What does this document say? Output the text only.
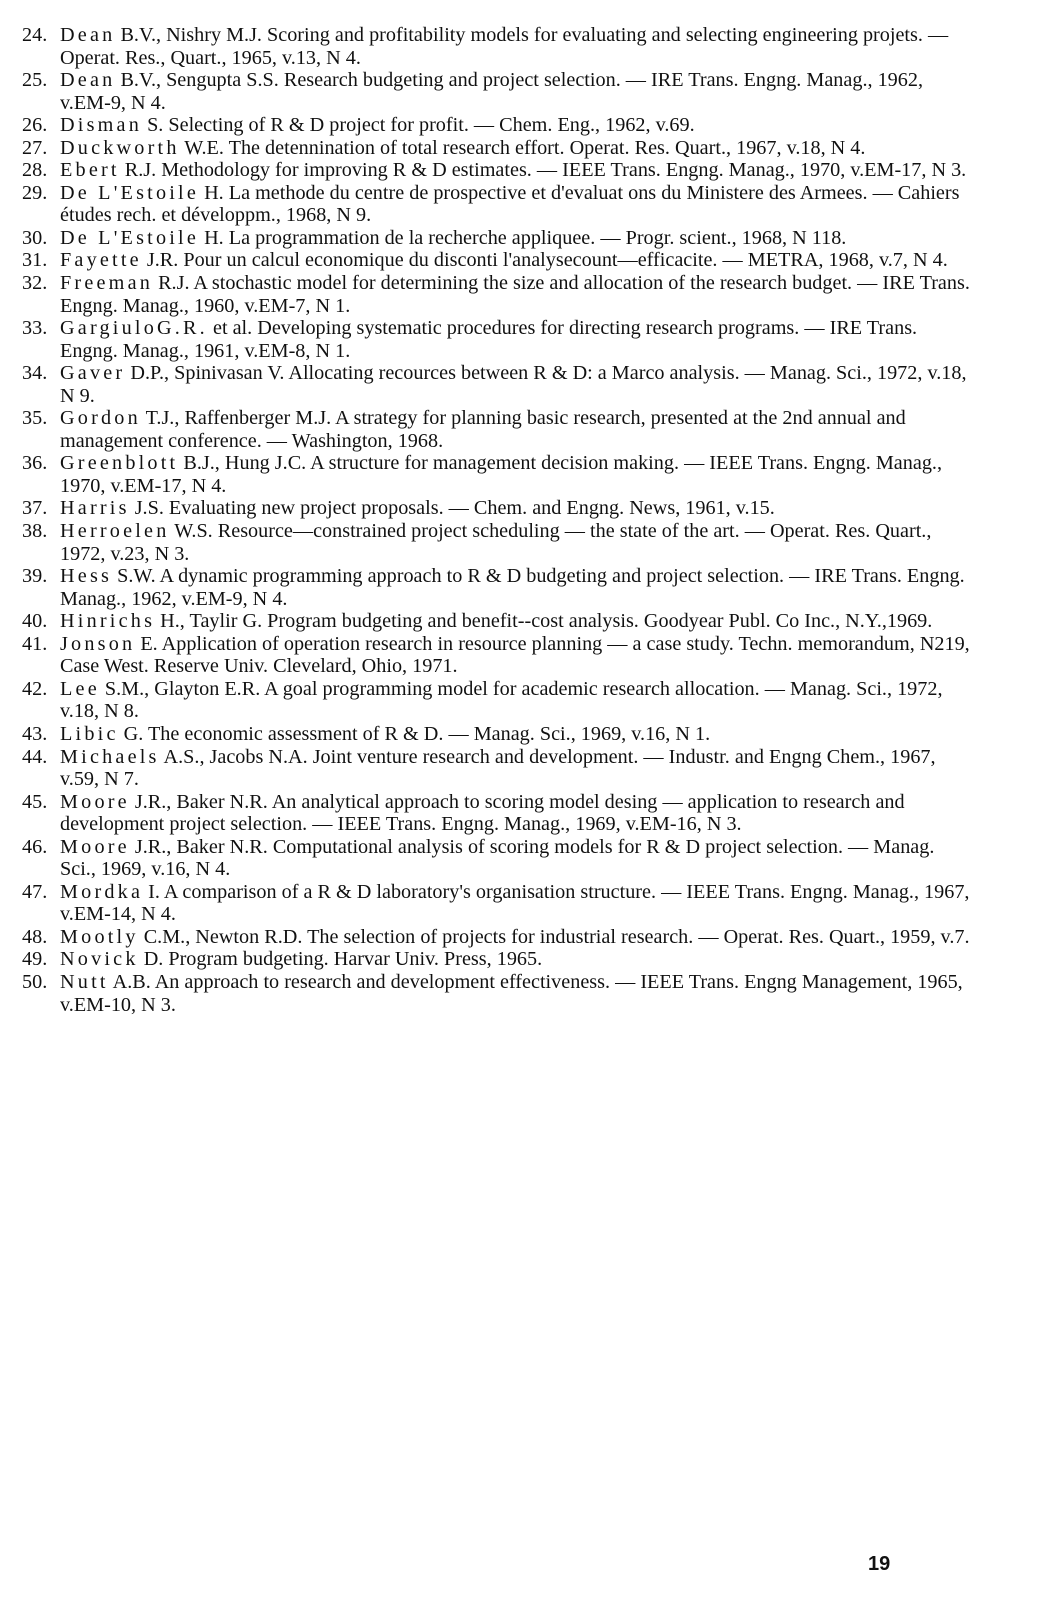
24. Dean B.V., Nishry M.J. Scoring and profitability models for evaluating and selecting engineering projets. — Operat. Res., Quart., 1965, v.13, N 4.
25. Dean B.V., Sengupta S.S. Research budgeting and project selection. — IRE Trans. Engng. Manag., 1962, v.EM-9, N 4.
26. Disman S. Selecting of R & D project for profit. — Chem. Eng., 1962, v.69.
27. Duckworth W.E. The detennination of total research effort. Operat. Res. Quart., 1967, v.18, N 4.
28. Ebert R.J. Methodology for improving R & D estimates. — IEEE Trans. Engng. Manag., 1970, v.EM-17, N 3.
29. De L'Estoile H. La methode du centre de prospective et d'evaluat ons du Ministere des Armees. — Cahiers études rech. et développm., 1968, N 9.
30. De L'Estoile H. La programmation de la recherche appliquee. — Progr. scient., 1968, N 118.
31. Fayette J.R. Pour un calcul economique du disconti l'analysecount—efficacite. — METRA, 1968, v.7, N 4.
32. Freeman R.J. A stochastic model for determining the size and allocation of the research budget. — IRE Trans. Engng. Manag., 1960, v.EM-7, N 1.
33. GargiuloG.R. et al. Developing systematic procedures for directing research programs. — IRE Trans. Engng. Manag., 1961, v.EM-8, N 1.
34. Gaver D.P., Spinivasan V. Allocating recources between R & D: a Marco analysis. — Manag. Sci., 1972, v.18, N 9.
35. Gordon T.J., Raffenberger M.J. A strategy for planning basic research, presented at the 2nd annual and management conference. — Washington, 1968.
36. Greenblott B.J., Hung J.C. A structure for management decision making. — IEEE Trans. Engng. Manag., 1970, v.EM-17, N 4.
37. Harris J.S. Evaluating new project proposals. — Chem. and Engng. News, 1961, v.15.
38. Herroelen W.S. Resource—constrained project scheduling — the state of the art. — Operat. Res. Quart., 1972, v.23, N 3.
39. Hess S.W. A dynamic programming approach to R & D budgeting and project selection. — IRE Trans. Engng. Manag., 1962, v.EM-9, N 4.
40. Hinrichs H., Taylir G. Program budgeting and benefit--cost analysis. Goodyear Publ. Co Inc., N.Y.,1969.
41. Jonson E. Application of operation research in resource planning — a case study. Techn. memorandum, N219, Case West. Reserve Univ. Clevelard, Ohio, 1971.
42. Lee S.M., Glayton E.R. A goal programming model for academic research allocation. — Manag. Sci., 1972, v.18, N 8.
43. Libic G. The economic assessment of R & D. — Manag. Sci., 1969, v.16, N 1.
44. Michaels A.S., Jacobs N.A. Joint venture research and development. — Industr. and Engng Chem., 1967, v.59, N 7.
45. Moore J.R., Baker N.R. An analytical approach to scoring model desing — application to research and development project selection. — IEEE Trans. Engng. Manag., 1969, v.EM-16, N 3.
46. Moore J.R., Baker N.R. Computational analysis of scoring models for R & D project selection. — Manag. Sci., 1969, v.16, N 4.
47. Mordka I. A comparison of a R & D laboratory's organisation structure. — IEEE Trans. Engng. Manag., 1967, v.EM-14, N 4.
48. Mootly C.M., Newton R.D. The selection of projects for industrial research. — Operat. Res. Quart., 1959, v.7.
49. Novick D. Program budgeting. Harvar Univ. Press, 1965.
50. Nutt A.B. An approach to research and development effectiveness. — IEEE Trans. Engng Management, 1965, v.EM-10, N 3.
19
